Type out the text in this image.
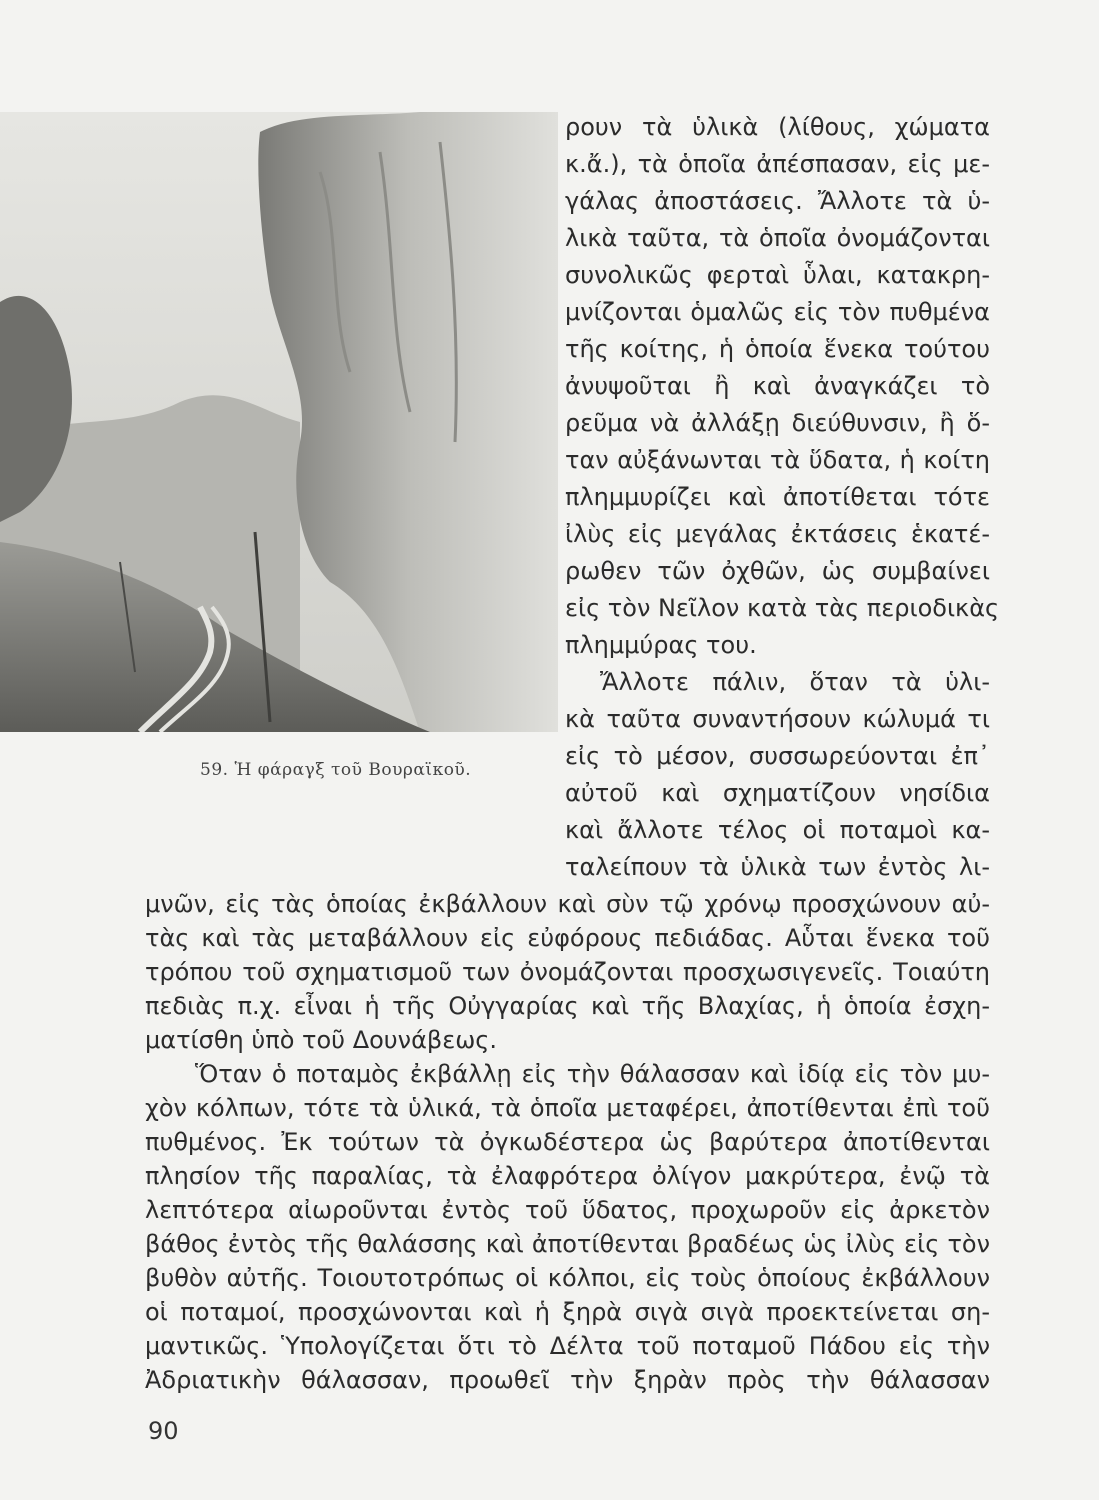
59. Ἡ φάραγξ τοῦ Βουραϊκοῦ.
ρουν τὰ ὑλικὰ (λίθους, χώματα
κ.ἄ.), τὰ ὁποῖα ἀπέσπασαν, εἰς με-
γάλας ἀποστάσεις. Ἄλλοτε τὰ ὑ-
λικὰ ταῦτα, τὰ ὁποῖα ὀνομάζονται
συνολικῶς φερταὶ ὗλαι, κατακρη-
μνίζονται ὁμαλῶς εἰς τὸν πυθμένα
τῆς κοίτης, ἡ ὁποία ἕνεκα τούτου
ἀνυψοῦται ἢ καὶ ἀναγκάζει τὸ
ρεῦμα νὰ ἀλλάξῃ διεύθυνσιν, ἢ ὅ-
ταν αὐξάνωνται τὰ ὕδατα, ἡ κοίτη
πλημμυρίζει καὶ ἀποτίθεται τότε
ἰλὺς εἰς μεγάλας ἐκτάσεις ἑκατέ-
ρωθεν τῶν ὀχθῶν, ὡς συμβαίνει
εἰς τὸν Νεῖλον κατὰ τὰς περιοδικὰς
πλημμύρας του.
Ἄλλοτε πάλιν, ὅταν τὰ ὑλι-
κὰ ταῦτα συναντήσουν κώλυμά τι
εἰς τὸ μέσον, συσσωρεύονται ἐπ᾽
αὐτοῦ καὶ σχηματίζουν νησίδια
καὶ ἄλλοτε τέλος οἱ ποταμοὶ κα-
ταλείπουν τὰ ὑλικὰ των ἐντὸς λι-
μνῶν, εἰς τὰς ὁποίας ἐκβάλλουν καὶ σὺν τῷ χρόνῳ προσχώνουν αὐ-
τὰς καὶ τὰς μεταβάλλουν εἰς εὐφόρους πεδιάδας. Αὗται ἕνεκα τοῦ
τρόπου τοῦ σχηματισμοῦ των ὀνομάζονται προσχωσιγενεῖς. Τοιαύτη
πεδιὰς π.χ. εἶναι ἡ τῆς Οὐγγαρίας καὶ τῆς Βλαχίας, ἡ ὁποία ἐσχη-
ματίσθη ὑπὸ τοῦ Δουνάβεως.
Ὅταν ὁ ποταμὸς ἐκβάλλῃ εἰς τὴν θάλασσαν καὶ ἰδίᾳ εἰς τὸν μυ-
χὸν κόλπων, τότε τὰ ὑλικά, τὰ ὁποῖα μεταφέρει, ἀποτίθενται ἐπὶ τοῦ
πυθμένος. Ἐκ τούτων τὰ ὀγκωδέστερα ὡς βαρύτερα ἀποτίθενται
πλησίον τῆς παραλίας, τὰ ἐλαφρότερα ὀλίγον μακρύτερα, ἐνῷ τὰ
λεπτότερα αἰωροῦνται ἐντὸς τοῦ ὕδατος, προχωροῦν εἰς ἀρκετὸν
βάθος ἐντὸς τῆς θαλάσσης καὶ ἀποτίθενται βραδέως ὡς ἰλὺς εἰς τὸν
βυθὸν αὐτῆς. Τοιουτοτρόπως οἱ κόλποι, εἰς τοὺς ὁποίους ἐκβάλλουν
οἱ ποταμοί, προσχώνονται καὶ ἡ ξηρὰ σιγὰ σιγὰ προεκτείνεται ση-
μαντικῶς. Ὑπολογίζεται ὅτι τὸ Δέλτα τοῦ ποταμοῦ Πάδου εἰς τὴν
90
Ἀδριατικὴν θάλασσαν, προωθεῖ τὴν ξηρὰν πρὸς τὴν θάλασσαν
